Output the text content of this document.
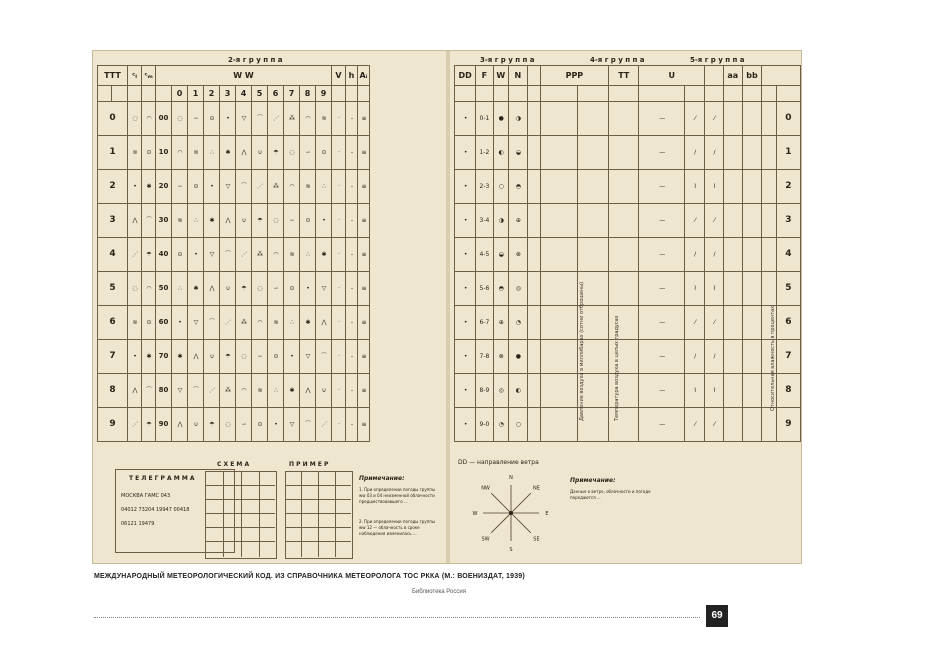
2-я г р у п п а
TTT		ᶜₗ	ᶜₘ	W W											V	h	Aᵢ
					0	1	2	3	4	5	6	7	8	9			
0		◌	◠	00	◌	∽	⊙	•	▽	⌒	⋰	⁂	◠	≋	·	-	≡
1		≋	⊙	10	◠	≋	∴	✱	⋀	∪	☂	◌	∽	⊙	·	-	≡
2		•	✱	20	∽	⊙	•	▽	⌒	⋰	⁂	◠	≋	∴	·	-	≡
3		⋀	⌒	30	≋	∴	✱	⋀	∪	☂	◌	∽	⊙	•	·	-	≡
4		⋰	☂	40	⊙	•	▽	⌒	⋰	⁂	◠	≋	∴	✱	·	-	≡
5		◌	◠	50	∴	✱	⋀	∪	☂	◌	∽	⊙	•	▽	·	-	≡
6		≋	⊙	60	•	▽	⌒	⋰	⁂	◠	≋	∴	✱	⋀	·	-	≡
7		•	✱	70	✱	⋀	∪	☂	◌	∽	⊙	•	▽	⌒	·	-	≡
8		⋀	⌒	80	▽	⌒	⋰	⁂	◠	≋	∴	✱	⋀	∪	·	-	≡
9		⋰	☂	90	⋀	∪	☂	◌	∽	⊙	•	▽	⌒	⋰	·	-	≡
Т Е Л Е Г Р А М М А
МОСКВА ГАМС 043
04012 73204 19947 00418
06121 19479
С Х Е М А	П Р И М Е Р
Примечание:
1. При определении погоды группы ww 03 и 04 неизменной облачности предшествовавшего ...
2. При определении погоды группы ww 12 — облачность в сроке наблюдения изменилась ...
3-я г р у п п а	4-я г р у п п а	5-я г р у п п а
DD	F	W	N		PPP		TT	U			aa	bb		

•	0-1	●	◑					—	⁄	⁄				0
•	1-2	◐	◒					—	∕	∕				1
•	2-3	○	◓					—	⌇	⌇				2
•	3-4	◑	⊕					—	⁄	⁄				3
•	4-5	◒	⊗					—	∕	∕				4
•	5-6	◓	◎					—	⌇	⌇				5
•	6-7	⊕	◔					—	⁄	⁄				6
•	7-8	⊗	●					—	∕	∕				7
•	8-9	◎	◐					—	⌇	⌇				8
•	9-0	◔	○					—	⁄	⁄				9
Давление воздуха в миллибарах (сотни отброшены)	Температура воздуха в целых градусах	Относительная влажность в процентах
DD — направление ветра
N
NE
E
SE
S
SW
W
NW
Примечание:
Данные о ветре, облачности и погоде передаются ...
МЕЖДУНАРОДНЫЙ МЕТЕОРОЛОГИЧЕСКИЙ КОД. ИЗ СПРАВОЧНИКА МЕТЕОРОЛОГА ТОС РККА (М.: ВОЕНИЗДАТ, 1939)
Библиотека Россия
69
